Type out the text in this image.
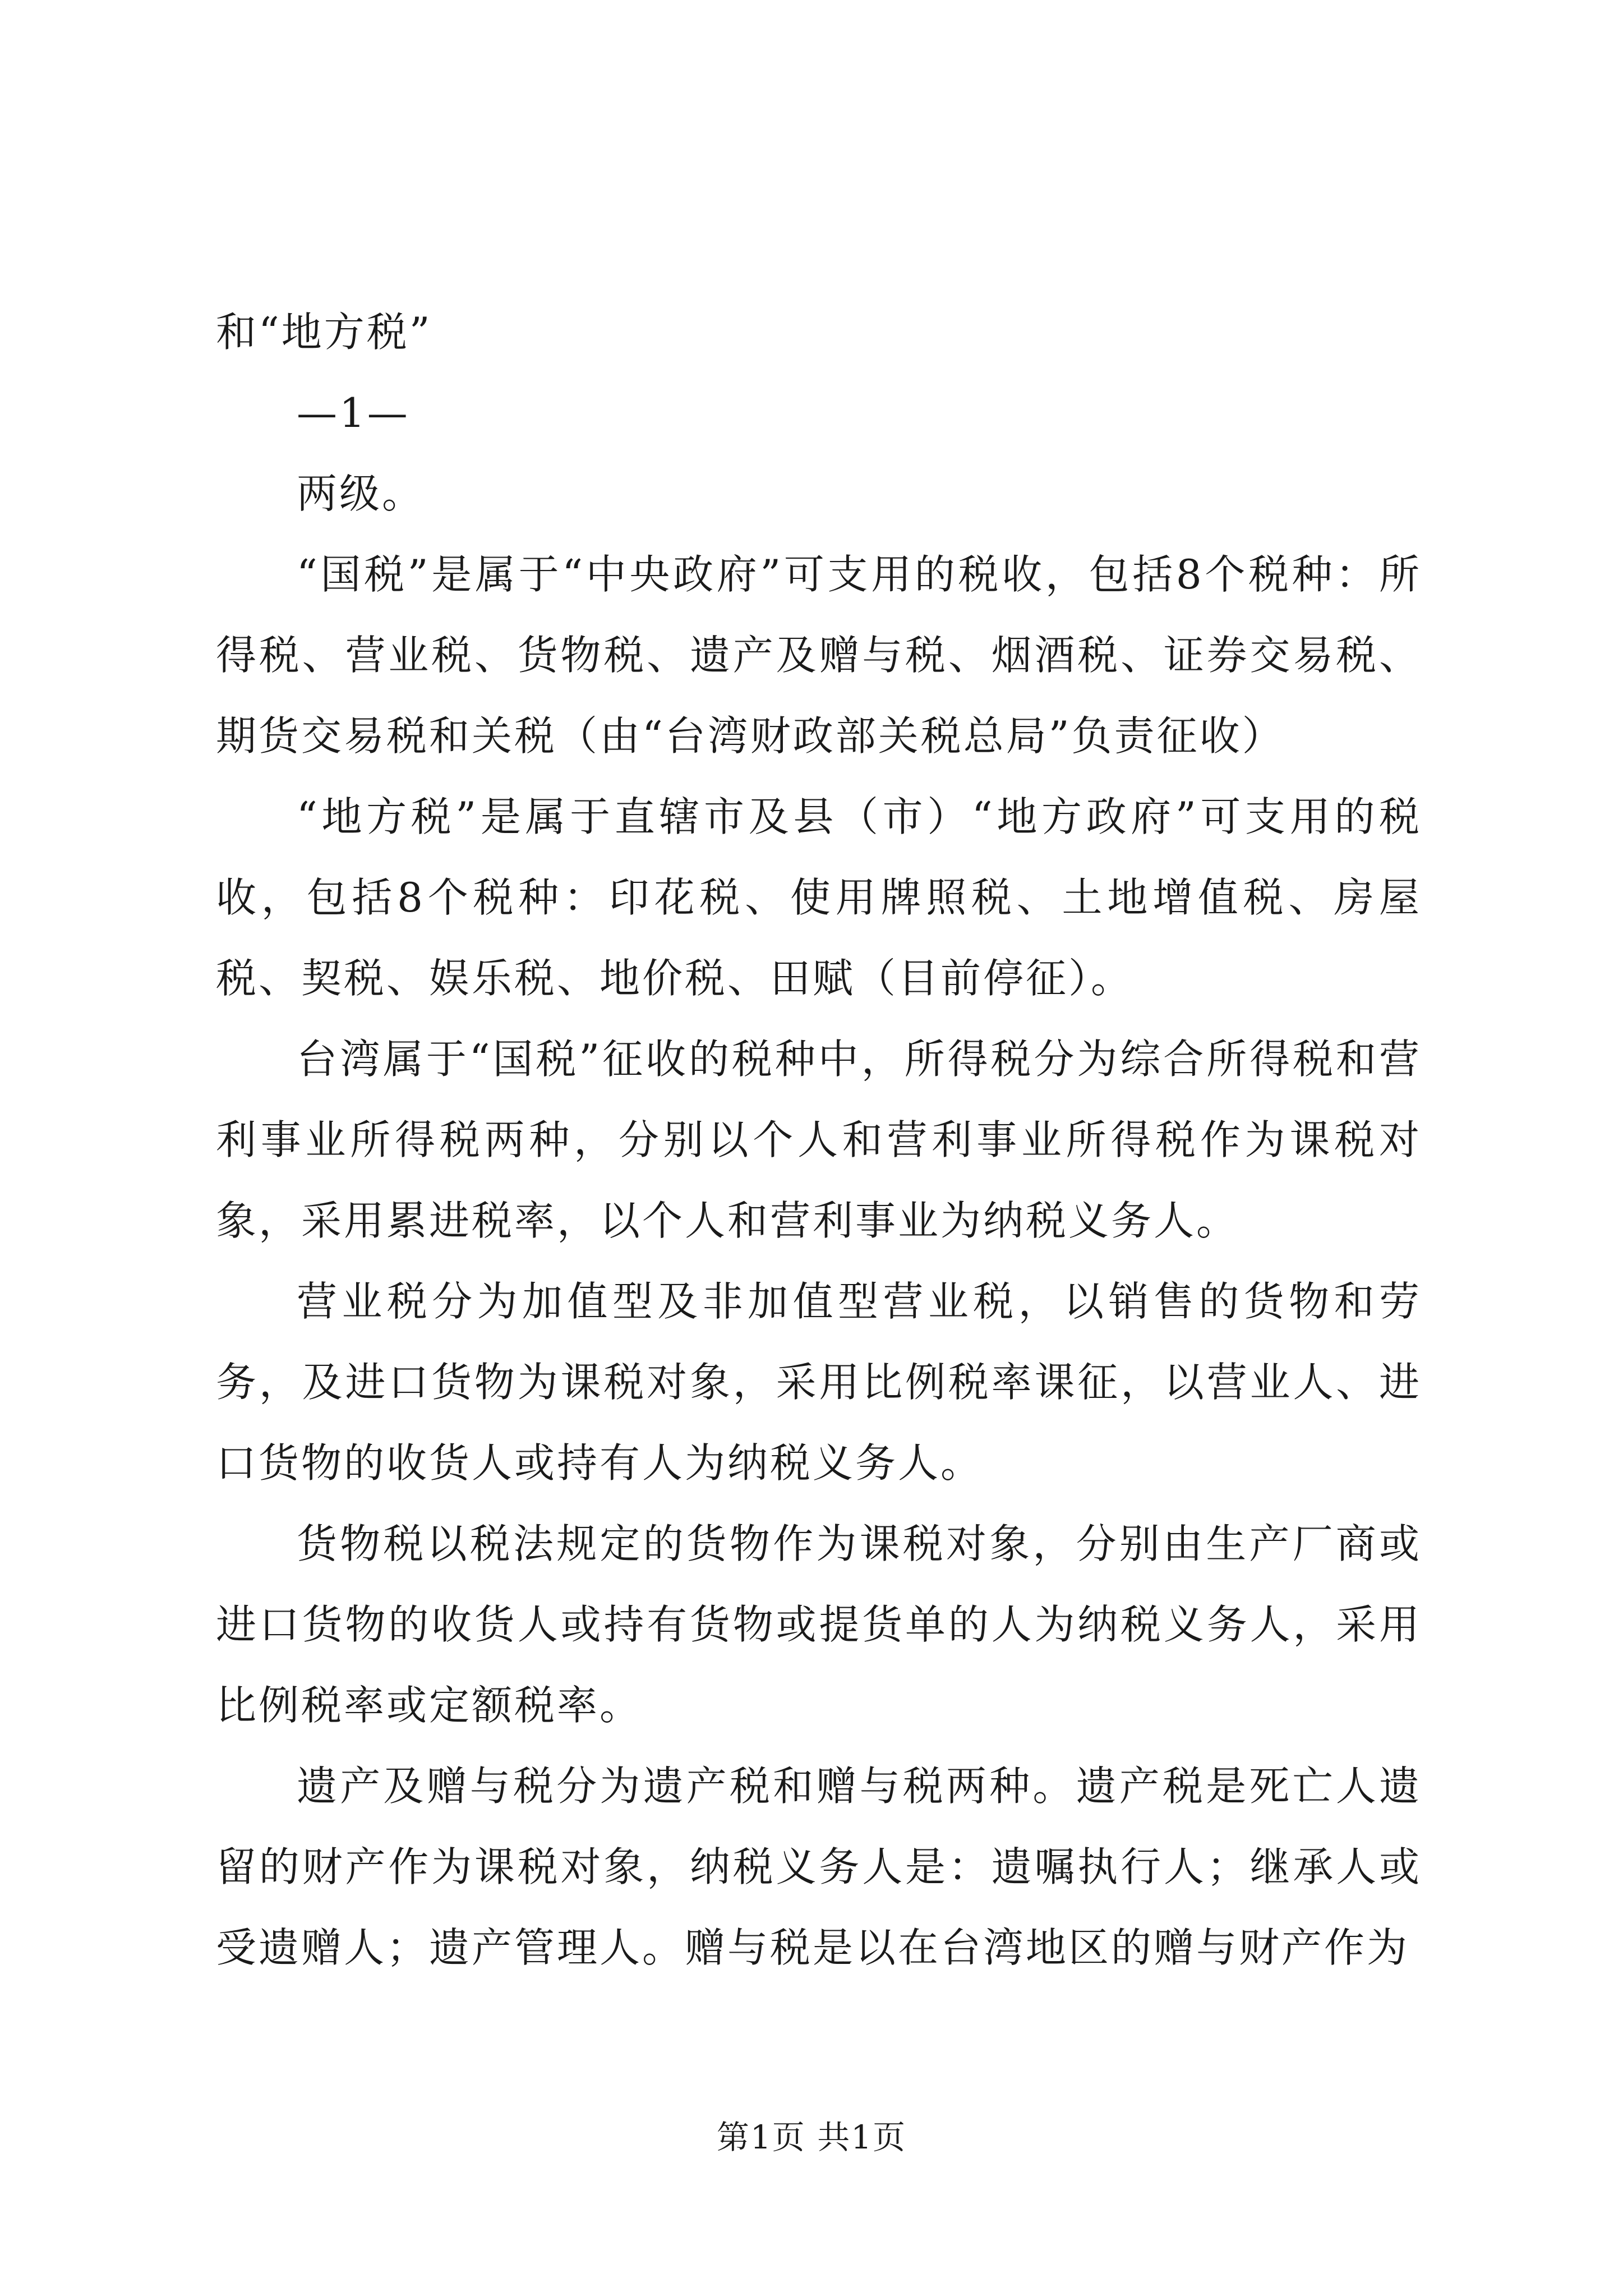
和“地方税”
—1—

两级。

“国税”是属于“中央政府”可支用的税收，包括8个税种：所得税、营业税、货物税、遗产及赠与税、烟酒税、证券交易税、期货交易税和关税（由“台湾财政部关税总局”负责征收）

“地方税”是属于直辖市及县（市）“地方政府”可支用的税收，包括8个税种：印花税、使用牌照税、土地增值税、房屋税、契税、娱乐税、地价税、田赋（目前停征）。

台湾属于“国税”征收的税种中，所得税分为综合所得税和营利事业所得税两种，分别以个人和营利事业所得税作为课税对象，采用累进税率，以个人和营利事业为纳税义务人。

营业税分为加值型及非加值型营业税，以销售的货物和劳务，及进口货物为课税对象，采用比例税率课征，以营业人、进口货物的收货人或持有人为纳税义务人。

货物税以税法规定的货物作为课税对象，分别由生产厂商或进口货物的收货人或持有货物或提货单的人为纳税义务人，采用比例税率或定额税率。

遗产及赠与税分为遗产税和赠与税两种。遗产税是死亡人遗留的财产作为课税对象，纳税义务人是：遗嘱执行人；继承人或受遗赠人；遗产管理人。赠与税是以在台湾地区的赠与财产作为

第1页 共1页
